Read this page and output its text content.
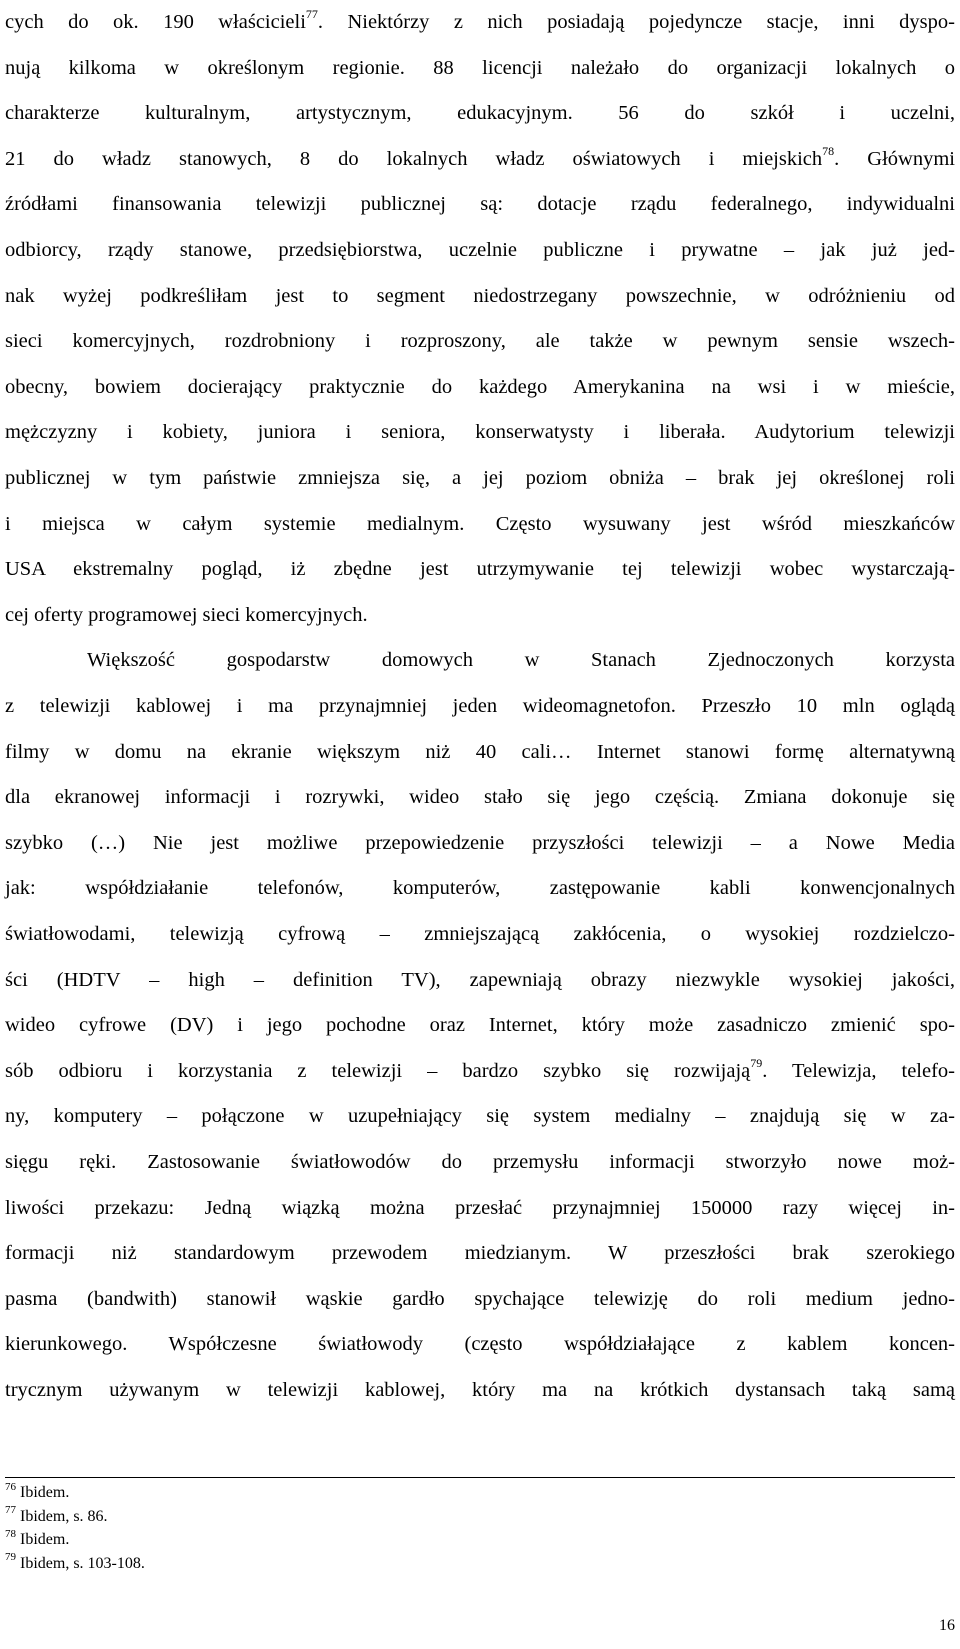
cych do ok. 190 właścicieli$^{77}$. Niektórzy z nich posiadają pojedyncze stacje, inni dyspo-
nują kilkoma w określonym regionie. 88 licencji należało do organizacji lokalnych o
charakterze kulturalnym, artystycznym, edukacyjnym. 56 do szkół i uczelni,
21 do władz stanowych, 8 do lokalnych władz oświatowych i miejskich$^{78}$. Głównymi
źródłami finansowania telewizji publicznej są: dotacje rządu federalnego, indywidualni
odbiorcy, rządy stanowe, przedsiębiorstwa, uczelnie publiczne i prywatne – jak już jed-
nak wyżej podkreśliłam jest to segment niedostrzegany powszechnie, w odróżnieniu od
sieci komercyjnych, rozdrobniony i rozproszony, ale także w pewnym sensie wszech-
obecny, bowiem docierający praktycznie do każdego Amerykanina na wsi i w mieście,
mężczyzny i kobiety, juniora i seniora, konserwatysty i liberała. Audytorium telewizji
publicznej w tym państwie zmniejsza się, a jej poziom obniża – brak jej określonej roli
i miejsca w całym systemie medialnym. Często wysuwany jest wśród mieszkańców
USA ekstremalny pogląd, iż zbędne jest utrzymywanie tej telewizji wobec wystarczają-
cej oferty programowej sieci komercyjnych.
Większość gospodarstw domowych w Stanach Zjednoczonych korzysta
z telewizji kablowej i ma przynajmniej jeden wideomagnetofon. Przeszło 10 mln oglądą
filmy w domu na ekranie większym niż 40 cali… Internet stanowi formę alternatywną
dla ekranowej informacji i rozrywki, wideo stało się jego częścią. Zmiana dokonuje się
szybko (…) Nie jest możliwe przepowiedzenie przyszłości telewizji – a Nowe Media
jak: współdziałanie telefonów, komputerów, zastępowanie kabli konwencjonalnych
światłowodami, telewizją cyfrową – zmniejszającą zakłócenia, o wysokiej rozdzielczo-
ści (HDTV – high – definition TV), zapewniają obrazy niezwykle wysokiej jakości,
wideo cyfrowe (DV) i jego pochodne oraz Internet, który może zasadniczo zmienić spo-
sób odbioru i korzystania z telewizji – bardzo szybko się rozwijają$^{79}$. Telewizja, telefo-
ny, komputery – połączone w uzupełniający się system medialny – znajdują się w za-
sięgu ręki. Zastosowanie światłowodów do przemysłu informacji stworzyło nowe moż-
liwości przekazu: Jedną wiązką można przesłać przynajmniej 150000 razy więcej in-
formacji niż standardowym przewodem miedzianym. W przeszłości brak szerokiego
pasma (bandwith) stanowił wąskie gardło spychające telewizję do roli medium jedno-
kierunkowego. Współczesne światłowody (często współdziałające z kablem koncen-
trycznym używanym w telewizji kablowej, który ma na krótkich dystansach taką samą
$^{76}$ Ibidem.
$^{77}$ Ibidem, s. 86.
$^{78}$ Ibidem.
$^{79}$ Ibidem, s. 103-108.
16
